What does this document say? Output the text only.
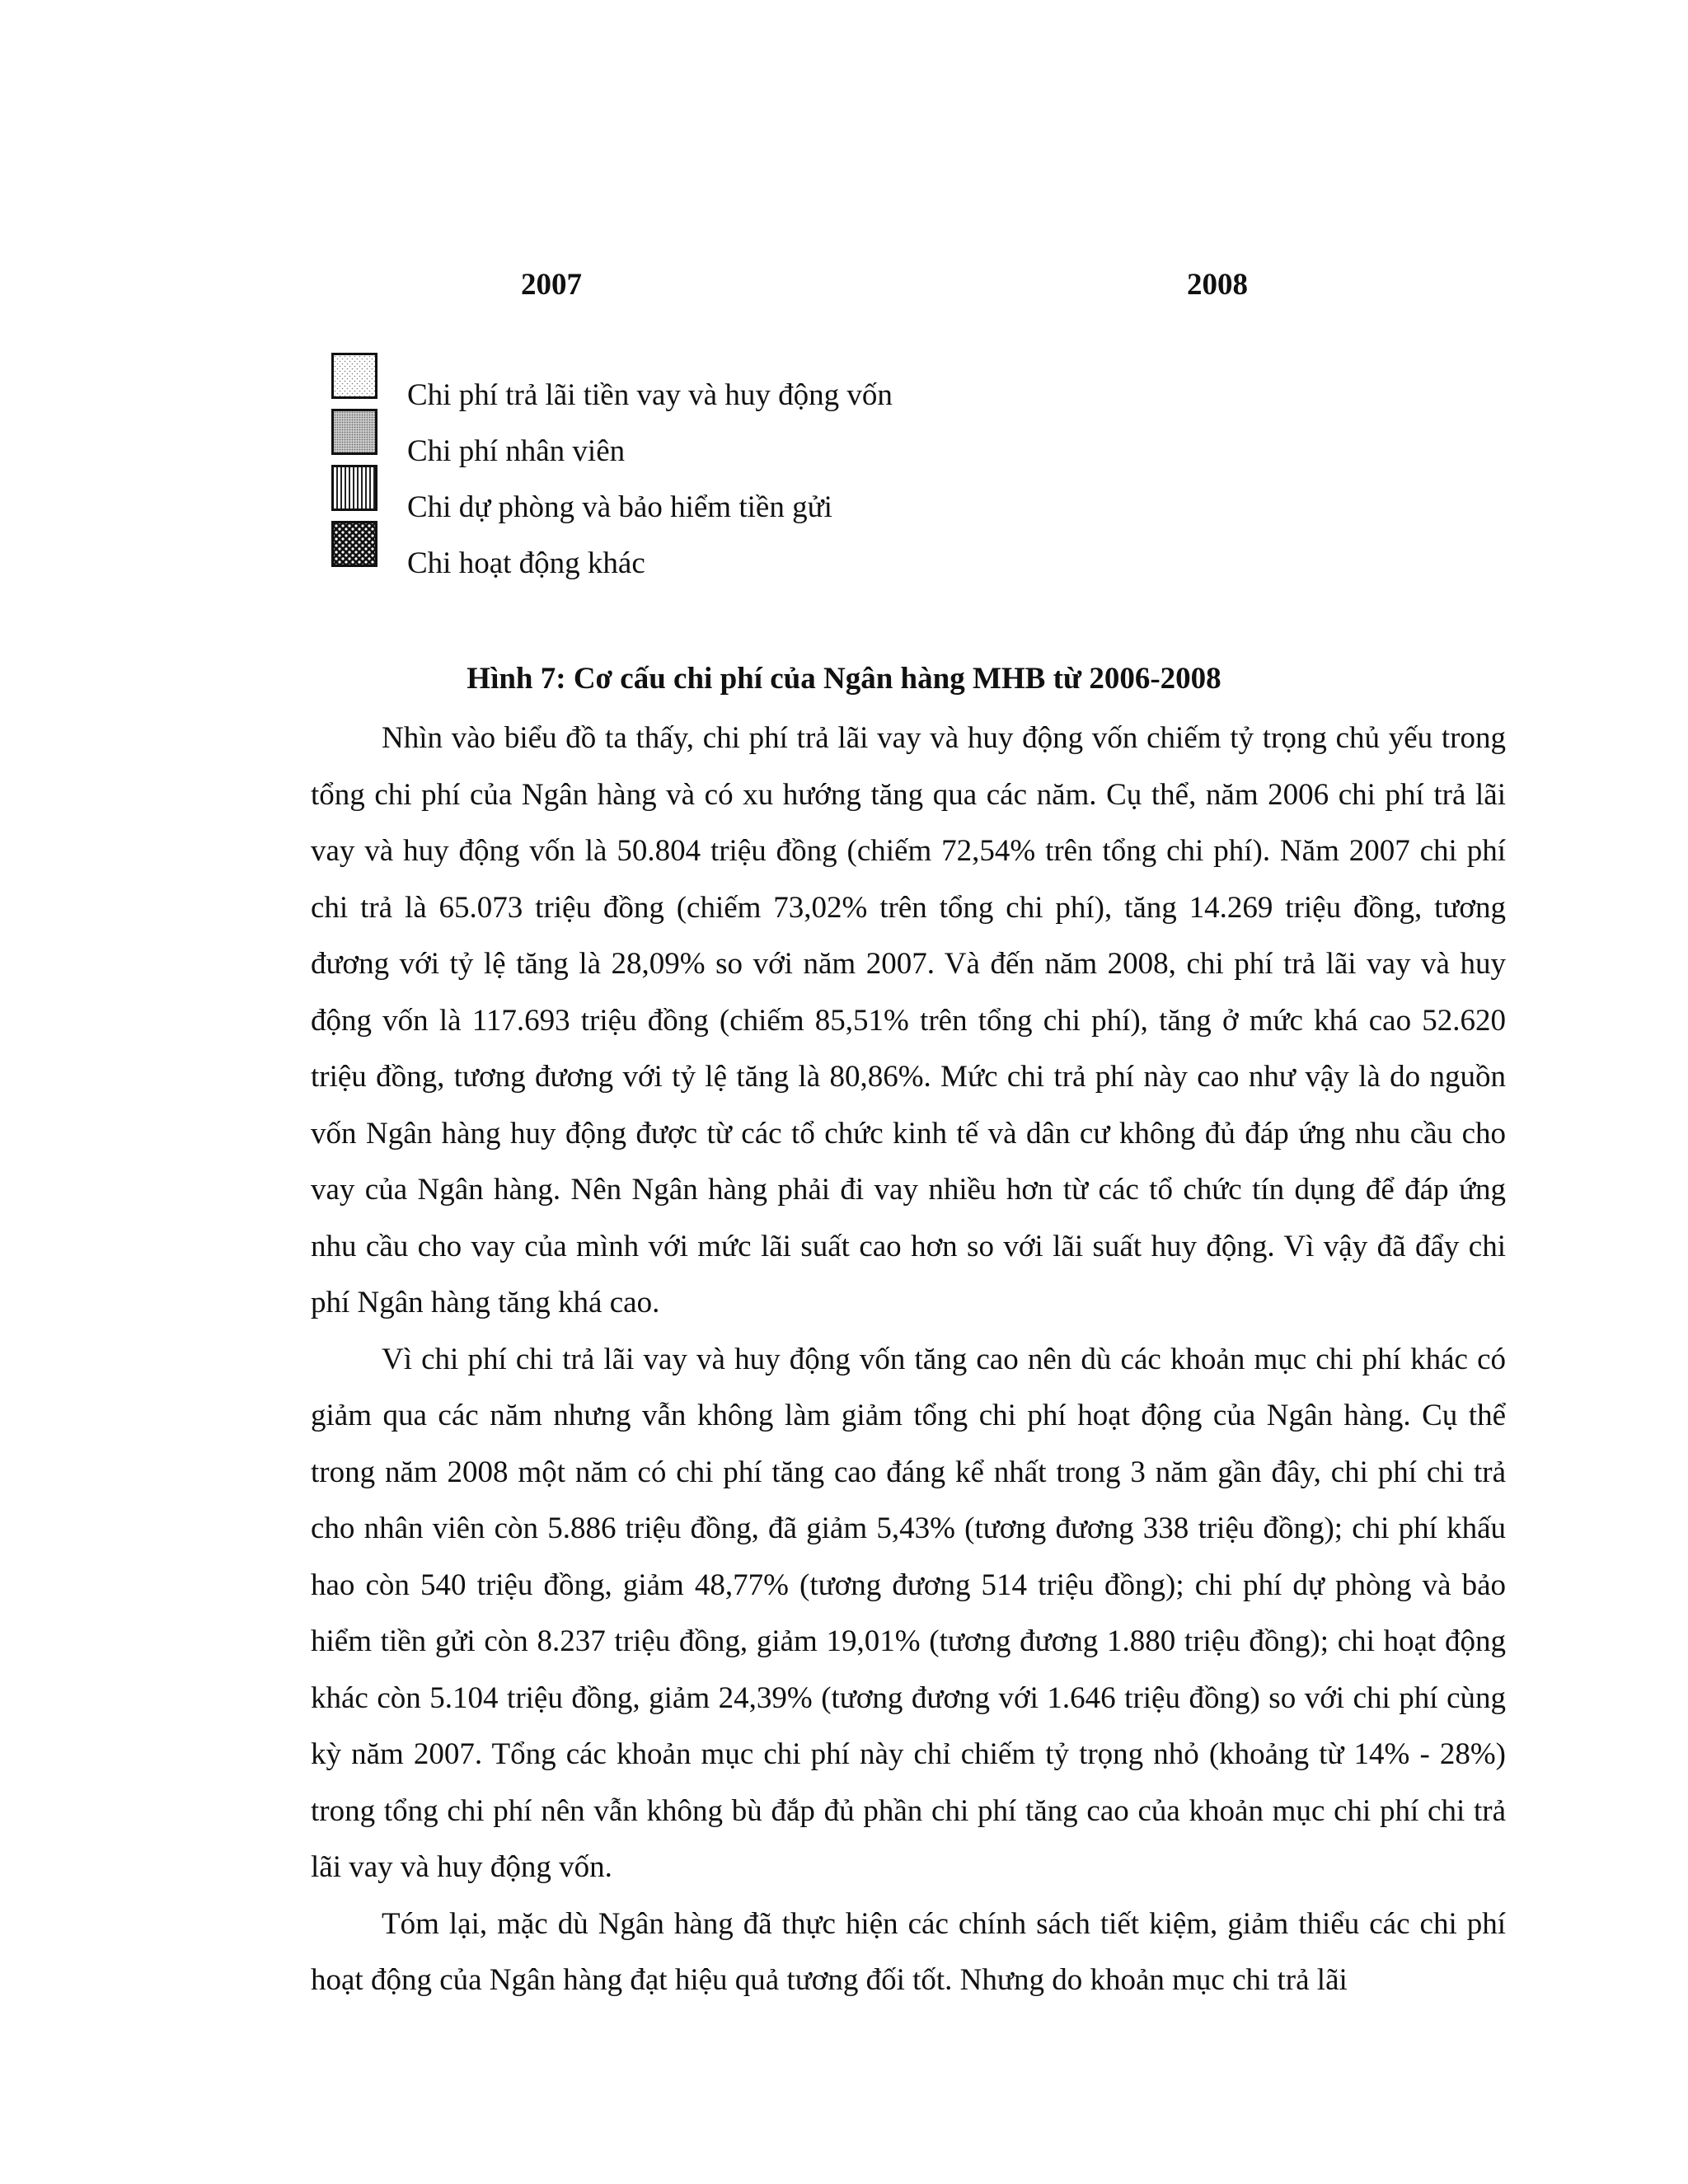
2007	2008
Chi phí trả lãi tiền vay và huy động vốn
Chi phí nhân viên
Chi dự phòng và bảo hiểm tiền gửi
Chi hoạt động khác
Hình 7: Cơ cấu chi phí của Ngân hàng MHB từ 2006-2008

Nhìn vào biểu đồ ta thấy, chi phí trả lãi vay và huy động vốn chiếm tỷ trọng chủ yếu trong tổng chi phí của Ngân hàng và có xu hướng tăng qua các năm. Cụ thể, năm 2006 chi phí trả lãi vay và huy động vốn là 50.804 triệu đồng (chiếm 72,54% trên tổng chi phí). Năm 2007 chi phí chi trả là 65.073 triệu đồng (chiếm 73,02% trên tổng chi phí), tăng 14.269 triệu đồng, tương đương với tỷ lệ tăng là 28,09% so với năm 2007. Và đến năm 2008, chi phí trả lãi vay và huy động vốn là 117.693 triệu đồng (chiếm 85,51% trên tổng chi phí), tăng ở mức khá cao 52.620 triệu đồng, tương đương với tỷ lệ tăng là 80,86%. Mức chi trả phí này cao như vậy là do nguồn vốn Ngân hàng huy động được từ các tổ chức kinh tế và dân cư không đủ đáp ứng nhu cầu cho vay của Ngân hàng. Nên Ngân hàng phải đi vay nhiều hơn từ các tổ chức tín dụng để đáp ứng nhu cầu cho vay của mình với mức lãi suất cao hơn so với lãi suất huy động. Vì vậy đã đẩy chi phí Ngân hàng tăng khá cao.

Vì chi phí chi trả lãi vay và huy động vốn tăng cao nên dù các khoản mục chi phí khác có giảm qua các năm nhưng vẫn không làm giảm tổng chi phí hoạt động của Ngân hàng. Cụ thể trong năm 2008 một năm có chi phí tăng cao đáng kể nhất trong 3 năm gần đây, chi phí chi trả cho nhân viên còn 5.886 triệu đồng, đã giảm 5,43% (tương đương 338 triệu đồng); chi phí khấu hao còn 540 triệu đồng, giảm 48,77% (tương đương 514 triệu đồng); chi phí dự phòng và bảo hiểm tiền gửi còn 8.237 triệu đồng, giảm 19,01% (tương đương 1.880 triệu đồng); chi hoạt động khác còn 5.104 triệu đồng, giảm 24,39% (tương đương với 1.646 triệu đồng) so với chi phí cùng kỳ năm 2007. Tổng các khoản mục chi phí này chỉ chiếm tỷ trọng nhỏ (khoảng từ 14% - 28%) trong tổng chi phí nên vẫn không bù đắp đủ phần chi phí tăng cao của khoản mục chi phí chi trả lãi vay và huy động vốn.

Tóm lại, mặc dù Ngân hàng đã thực hiện các chính sách tiết kiệm, giảm thiểu các chi phí hoạt động của Ngân hàng đạt hiệu quả tương đối tốt. Nhưng do khoản mục chi trả lãi
